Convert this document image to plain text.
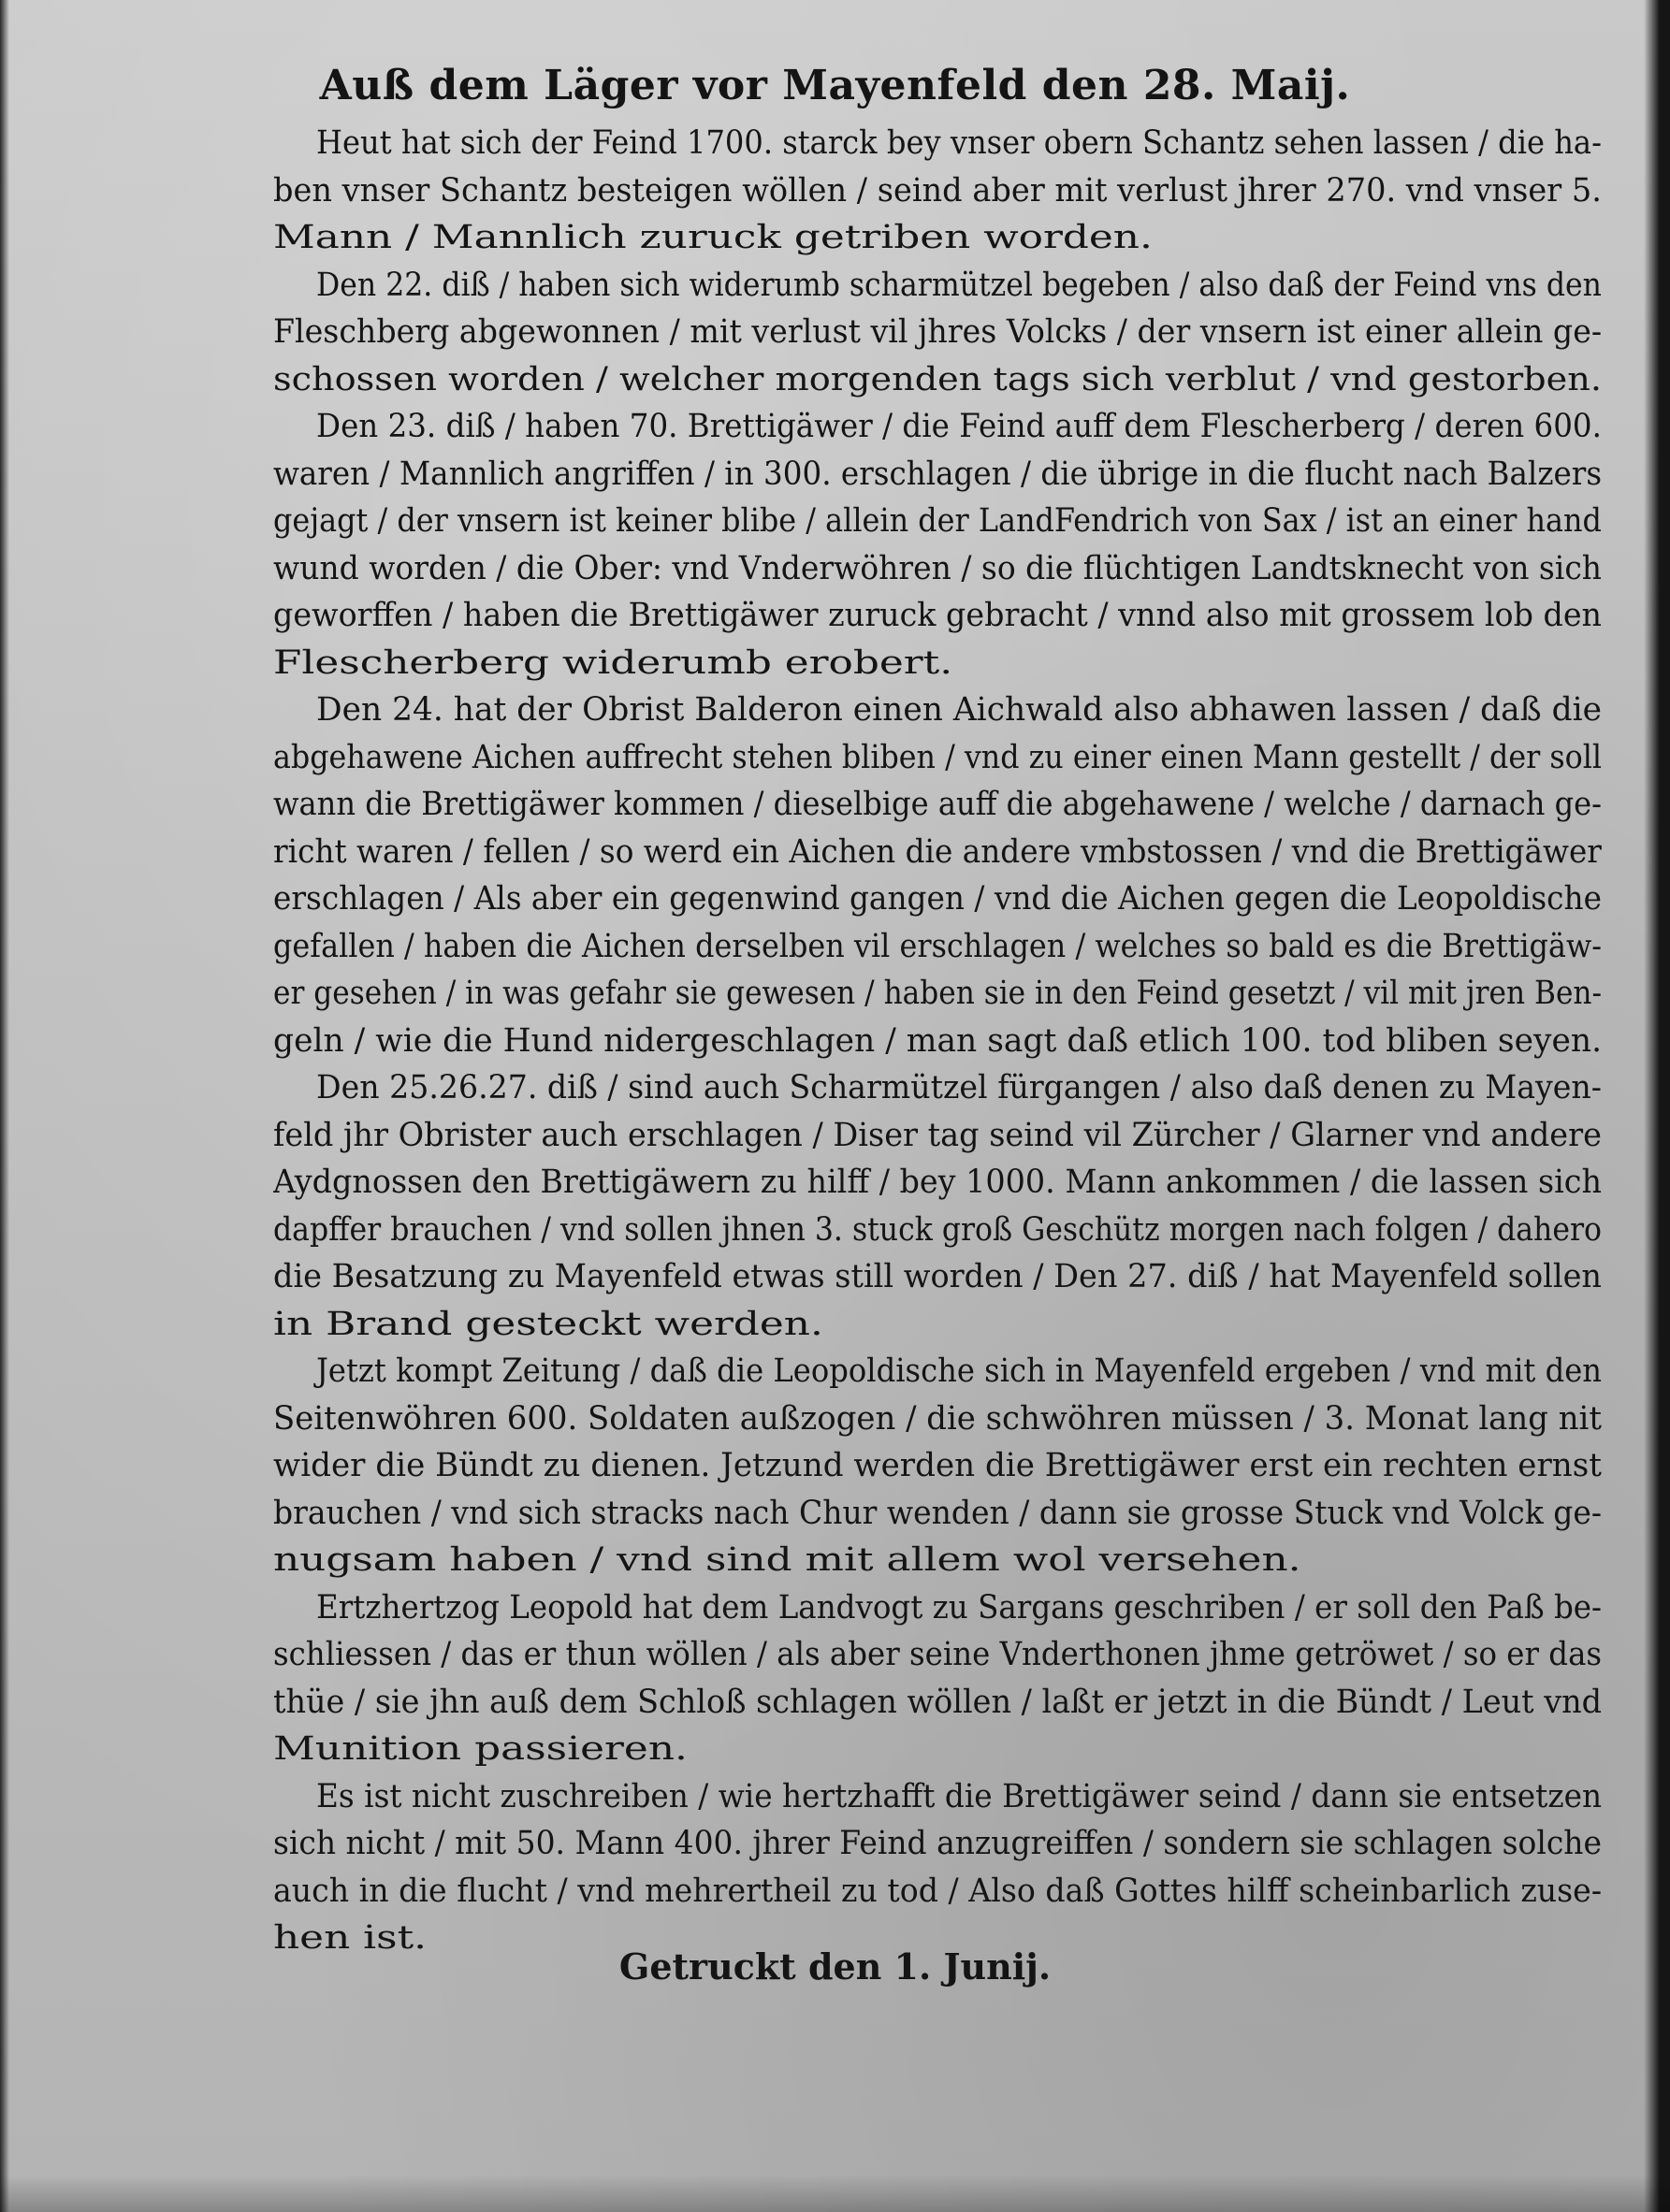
Auß dem Läger vor Mayenfeld den 28. Maij.

Heut hat sich der Feind 1700. starck bey vnser obern Schantz sehen lassen / die ha-
ben vnser Schantz besteigen wöllen / seind aber mit verlust jhrer 270. vnd vnser 5.
Mann / Mannlich zuruck getriben worden.

Den 22. diß / haben sich widerumb scharmützel begeben / also daß der Feind vns den
Fleschberg abgewonnen / mit verlust vil jhres Volcks / der vnsern ist einer allein ge-
schossen worden / welcher morgenden tags sich verblut / vnd gestorben.

Den 23. diß / haben 70. Brettigäwer / die Feind auff dem Flescherberg / deren 600.
waren / Mannlich angriffen / in 300. erschlagen / die übrige in die flucht nach Balzers
gejagt / der vnsern ist keiner blibe / allein der LandFendrich von Sax / ist an einer hand
wund worden / die Ober: vnd Vnderwöhren / so die flüchtigen Landtsknecht von sich
geworffen / haben die Brettigäwer zuruck gebracht / vnnd also mit grossem lob den
Flescherberg widerumb erobert.

Den 24. hat der Obrist Balderon einen Aichwald also abhawen lassen / daß die
abgehawene Aichen auffrecht stehen bliben / vnd zu einer einen Mann gestellt / der soll
wann die Brettigäwer kommen / dieselbige auff die abgehawene / welche / darnach ge-
richt waren / fellen / so werd ein Aichen die andere vmbstossen / vnd die Brettigäwer
erschlagen / Als aber ein gegenwind gangen / vnd die Aichen gegen die Leopoldische
gefallen / haben die Aichen derselben vil erschlagen / welches so bald es die Brettigäw-
er gesehen / in was gefahr sie gewesen / haben sie in den Feind gesetzt / vil mit jren Ben-
geln / wie die Hund nidergeschlagen / man sagt daß etlich 100. tod bliben seyen.

Den 25.26.27. diß / sind auch Scharmützel fürgangen / also daß denen zu Mayen-
feld jhr Obrister auch erschlagen / Diser tag seind vil Zürcher / Glarner vnd andere
Aydgnossen den Brettigäwern zu hilff / bey 1000. Mann ankommen / die lassen sich
dapffer brauchen / vnd sollen jhnen 3. stuck groß Geschütz morgen nach folgen / dahero
die Besatzung zu Mayenfeld etwas still worden / Den 27. diß / hat Mayenfeld sollen
in Brand gesteckt werden.

Jetzt kompt Zeitung / daß die Leopoldische sich in Mayenfeld ergeben / vnd mit den
Seitenwöhren 600. Soldaten außzogen / die schwöhren müssen / 3. Monat lang nit
wider die Bündt zu dienen. Jetzund werden die Brettigäwer erst ein rechten ernst
brauchen / vnd sich stracks nach Chur wenden / dann sie grosse Stuck vnd Volck ge-
nugsam haben / vnd sind mit allem wol versehen.

Ertzhertzog Leopold hat dem Landvogt zu Sargans geschriben / er soll den Paß be-
schliessen / das er thun wöllen / als aber seine Vnderthonen jhme getröwet / so er das
thüe / sie jhn auß dem Schloß schlagen wöllen / laßt er jetzt in die Bündt / Leut vnd
Munition passieren.

Es ist nicht zuschreiben / wie hertzhafft die Brettigäwer seind / dann sie entsetzen
sich nicht / mit 50. Mann 400. jhrer Feind anzugreiffen / sondern sie schlagen solche
auch in die flucht / vnd mehrertheil zu tod / Also daß Gottes hilff scheinbarlich zuse-
hen ist.

Getruckt den 1. Junij.
